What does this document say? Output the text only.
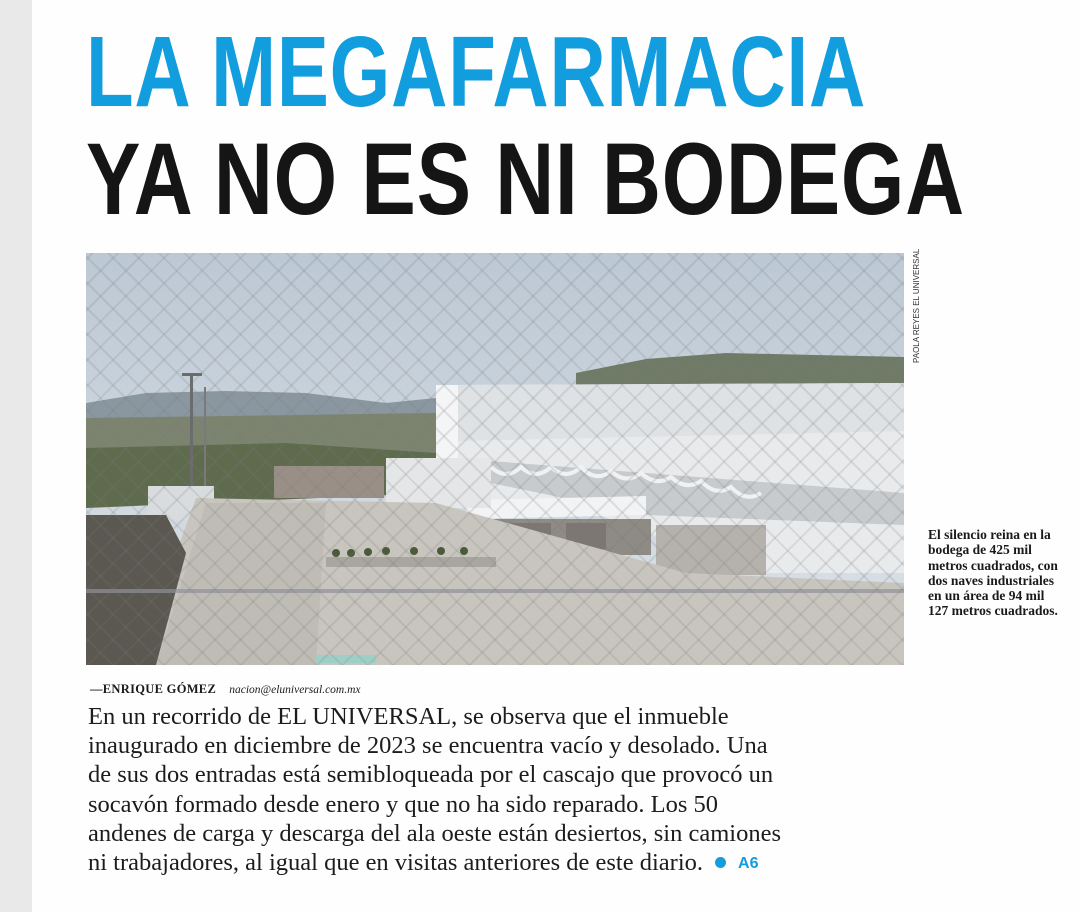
LA MEGAFARMACIA
YA NO ES NI BODEGA
PAOLA REYES EL UNIVERSAL
El silencio reina en la bodega de 425 mil metros cuadrados, con dos naves industriales en un área de 94 mil 127 metros cuadrados.
—ENRIQUE GÓMEZ nacion@eluniversal.com.mx
En un recorrido de EL UNIVERSAL, se observa que el inmueble
inaugurado en diciembre de 2023 se encuentra vacío y desolado. Una
de sus dos entradas está semibloqueada por el cascajo que provocó un
socavón formado desde enero y que no ha sido reparado. Los 50
andenes de carga y descarga del ala oeste están desiertos, sin camiones
ni trabajadores, al igual que en visitas anteriores de este diario. A6
